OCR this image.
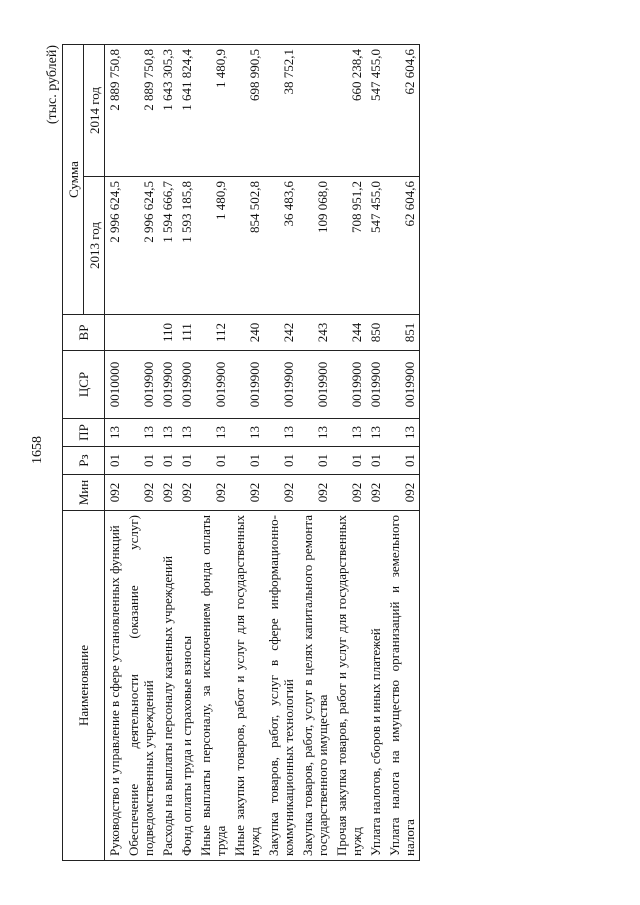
1658
(тыс. рублей)
Наименование	Мин	Рз	ПР	ЦСР	ВР	Сумма	
						2013 год	2014 год
Руководство и управление в сфере установленных функций	092	01	13	0010000		2 996 624,5	2 889 750,8
Обеспечение деятельности (оказание услуг) подведомственных учреждений	092	01	13	0019900		2 996 624,5	2 889 750,8
Расходы на выплаты персоналу казенных учреждений	092	01	13	0019900	110	1 594 666,7	1 643 305,3
Фонд оплаты труда и страховые взносы	092	01	13	0019900	111	1 593 185,8	1 641 824,4
Иные выплаты персоналу, за исключением фонда оплаты труда	092	01	13	0019900	112	1 480,9	1 480,9
Иные закупки товаров, работ и услуг для государственных нужд	092	01	13	0019900	240	854 502,8	698 990,5
Закупка товаров, работ, услуг в сфере информационно-коммуникационных технологий	092	01	13	0019900	242	36 483,6	38 752,1
Закупка товаров, работ, услуг в целях капитального ремонта государственного имущества	092	01	13	0019900	243	109 068,0	
Прочая закупка товаров, работ и услуг для государственных нужд	092	01	13	0019900	244	708 951,2	660 238,4
Уплата налогов, сборов и иных платежей	092	01	13	0019900	850	547 455,0	547 455,0
Уплата налога на имущество организаций и земельного налога	092	01	13	0019900	851	62 604,6	62 604,6
